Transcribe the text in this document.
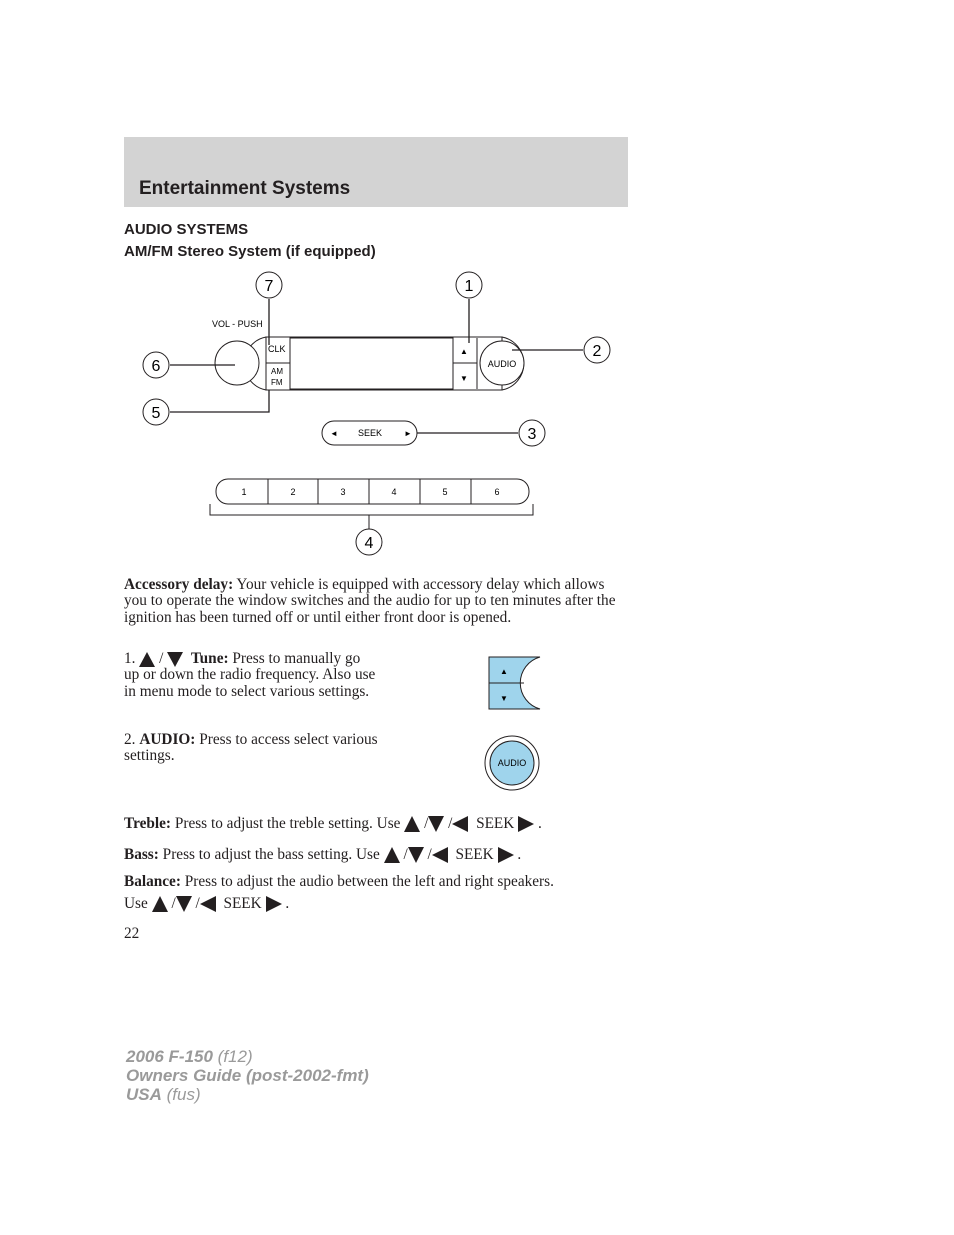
Entertainment Systems
AUDIO SYSTEMS
AM/FM Stereo System (if equipped)
AUDIO
VOL - PUSH
CLK
AM
FM
▲
▼
◄ SEEK	►
1	2	3	4	5	6
7	1
6
2
5
3
4
Accessory delay: Your vehicle is equipped with accessory delay which allows you to operate the window switches and the audio for up to ten minutes after the ignition has been turned off or until either front door is opened.
1. / Tune: Press to manually go up or down the radio frequency. Also use in menu mode to select various settings.
▲
▼
2. AUDIO: Press to access select various settings.	AUDIO
Treble: Press to adjust the treble setting. Use  / / SEEK  .
Bass: Press to adjust the bass setting. Use  / / SEEK  .
Balance: Press to adjust the audio between the left and right speakers.
Use  / / SEEK  .
22
2006 F-150 (f12)
Owners Guide (post-2002-fmt)
USA (fus)
